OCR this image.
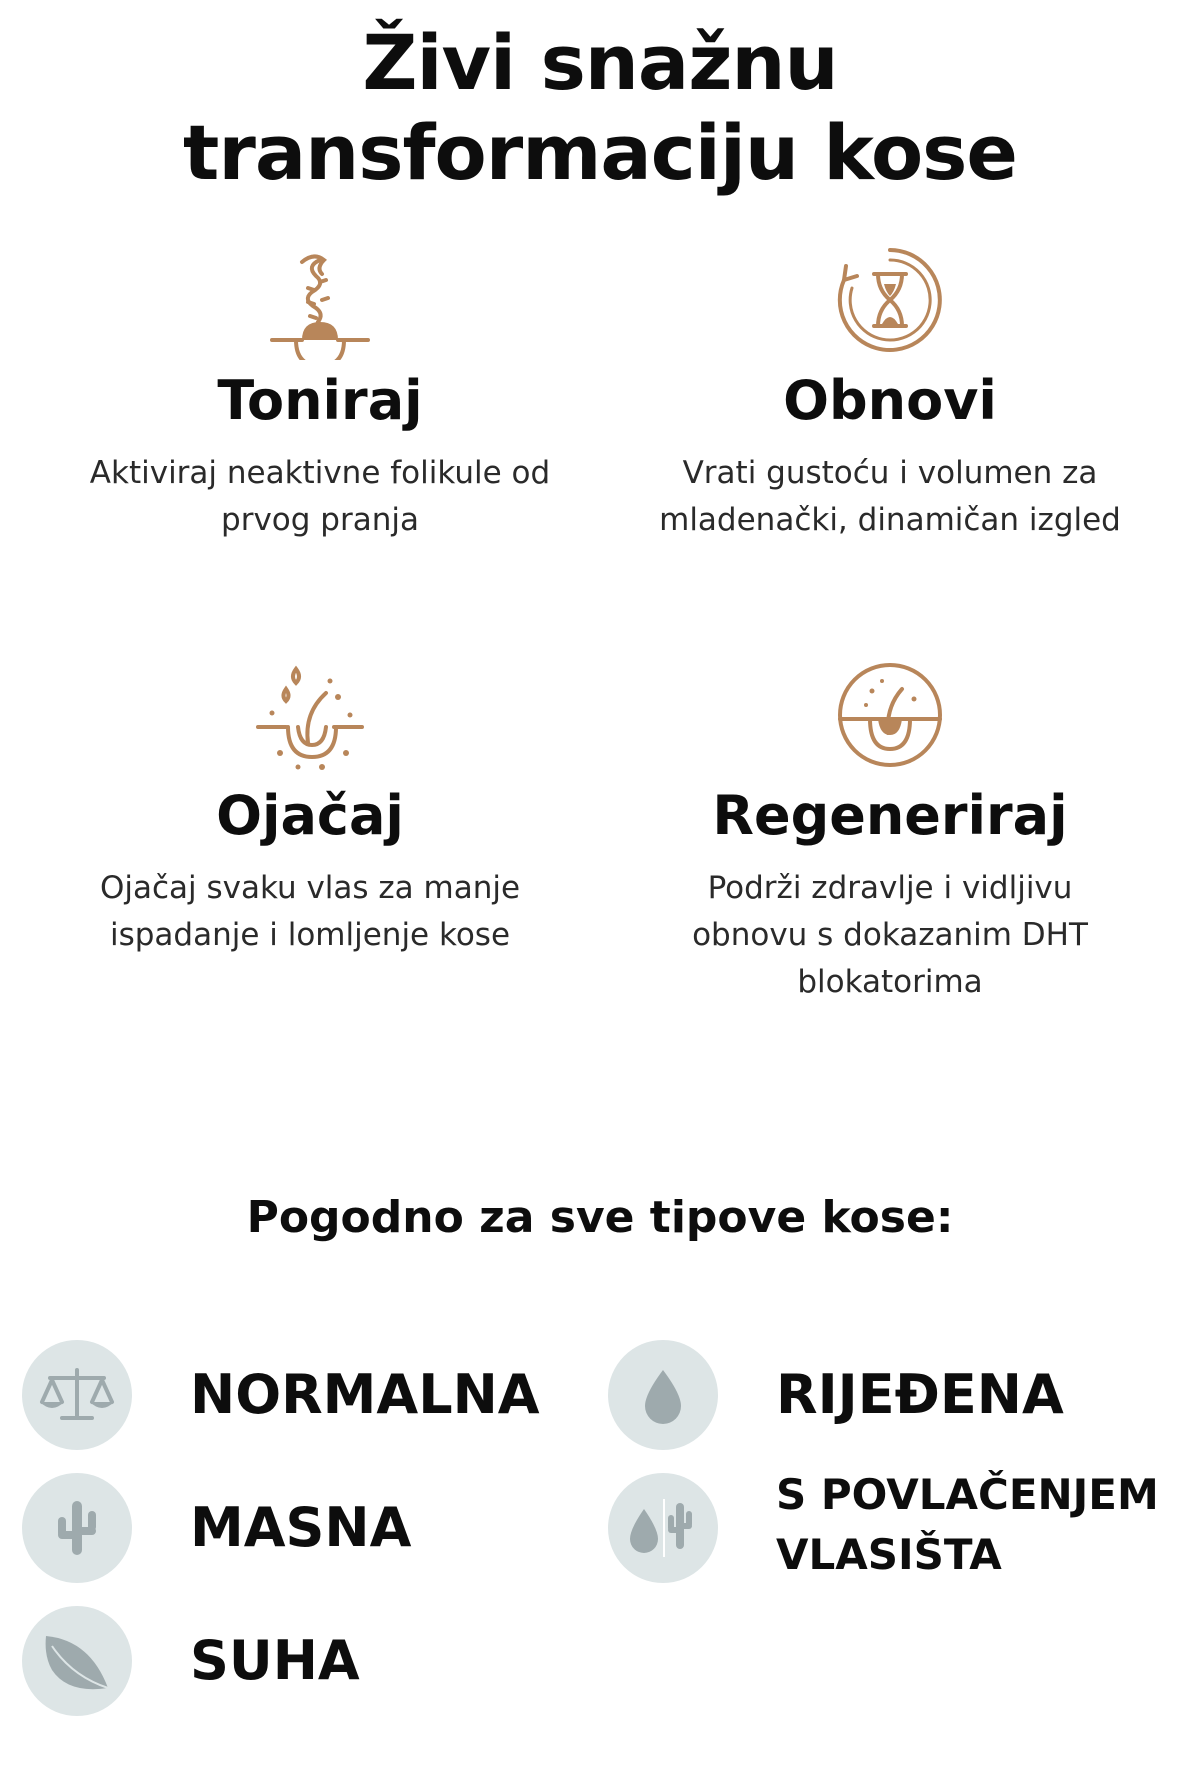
Živi snažnu
transformaciju kose
Toniraj

Aktiviraj neaktivne folikule od prvog pranja

Obnovi

Vrati gustoću i volumen za mladenački, dinamičan izgled

Ojačaj

Ojačaj svaku vlas za manje ispadanje i lomljenje kose

Regeneriraj

Podrži zdravlje i vidljivu obnovu s dokazanim DHT blokatorima

Pogodno za sve tipove kose:
NORMALNA	RIJEĐENA
MASNA
S POVLAČENJEM VLASIŠTA
SUHA
